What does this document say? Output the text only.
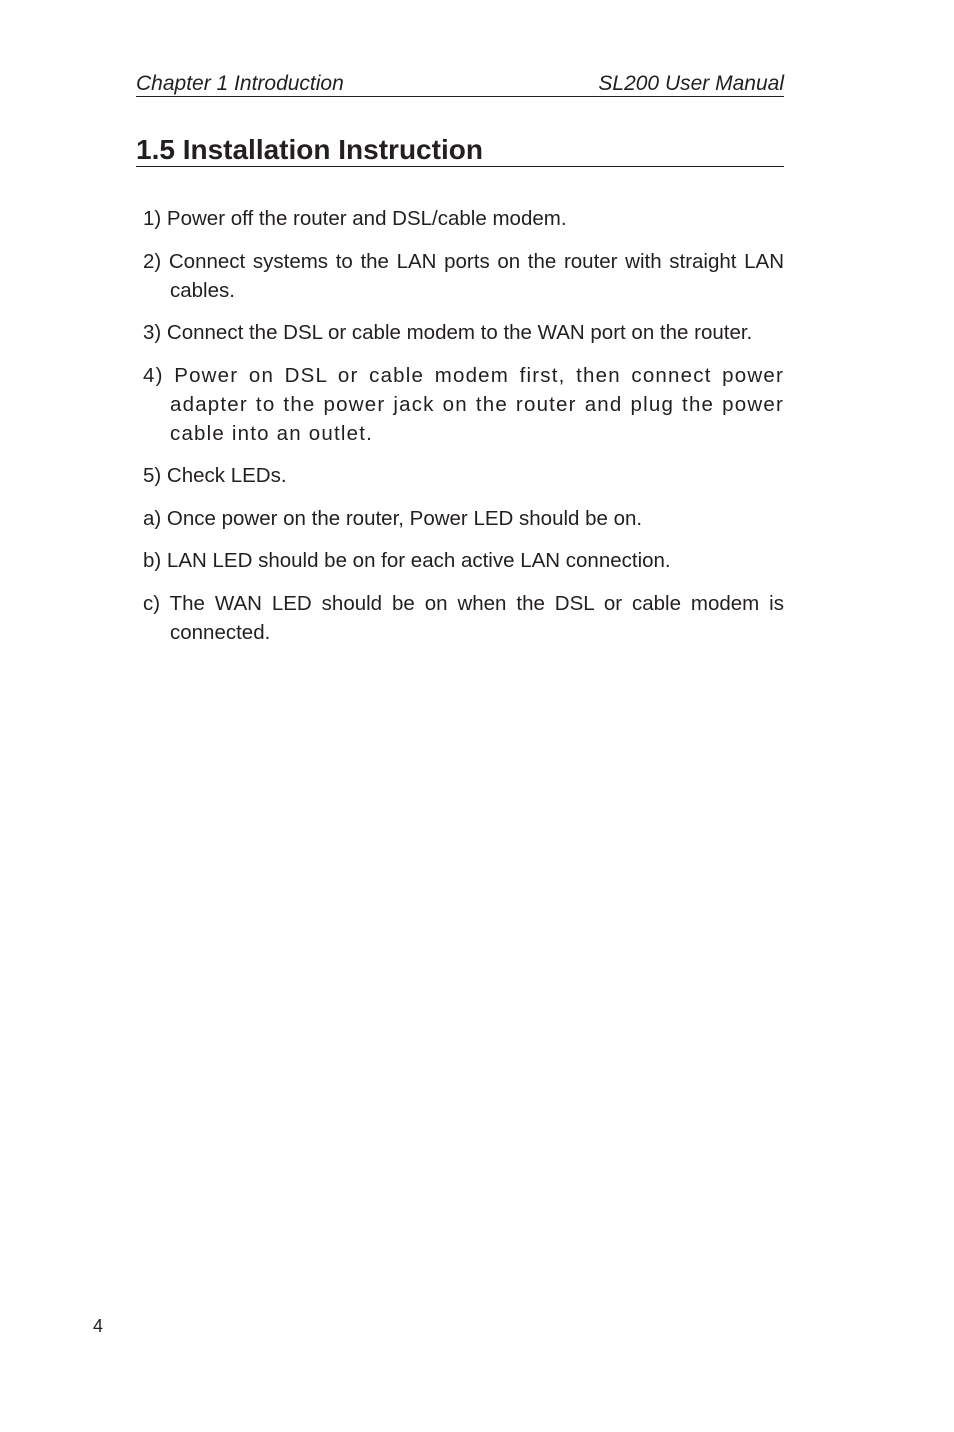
Chapter 1 Introduction	SL200 User Manual
1.5 Installation Instruction
1) Power off the router and DSL/cable modem.
2) Connect systems to the LAN ports on the router with straight LAN cables.
3) Connect the DSL or cable modem to the WAN port on the router.
4) Power on DSL or cable modem first, then connect power adapter to the power jack on the router and plug the power cable into an outlet.
5) Check LEDs.
a) Once power on the router, Power LED should be on.
b) LAN LED should be on for each active LAN connection.
c) The WAN LED should be on when the DSL or cable modem is connected.
4
